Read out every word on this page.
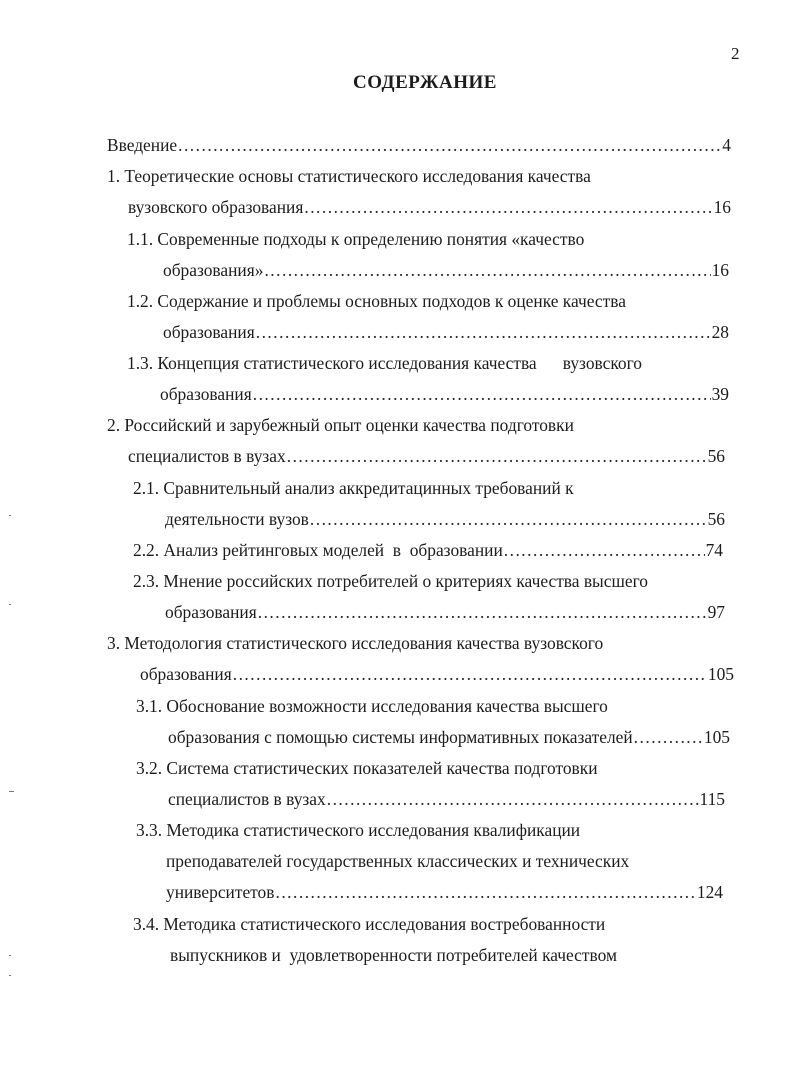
2
СОДЕРЖАНИЕ
Введение .....	4
1. Теоретические основы статистического исследования качества
вузовского образования .....	16
1.1. Современные подходы к определению понятия «качество
образования» .....	16
1.2. Содержание и проблемы основных подходов к оценке качества
образования .....	28
1.3. Концепция статистического исследования качества      вузовского
образования .....	39
2. Российский и зарубежный опыт оценки качества подготовки
специалистов в вузах .....	56
2.1. Сравнительный анализ аккредитацинных требований к
деятельности вузов .....	56
2.2. Анализ рейтинговых моделей  в  образовании .....	74
2.3. Мнение российских потребителей о критериях качества высшего
образования .....	97
3. Методология статистического исследования качества вузовского
образования .....	105
3.1. Обоснование возможности исследования качества высшего
образования с помощью системы информативных показателей .....	105
3.2. Система статистических показателей качества подготовки
специалистов в вузах .....	115
3.3. Методика статистического исследования квалификации
преподавателей государственных классических и технических
университетов .....	124
3.4. Методика статистического исследования востребованности
выпускников и  удовлетворенности потребителей качеством
